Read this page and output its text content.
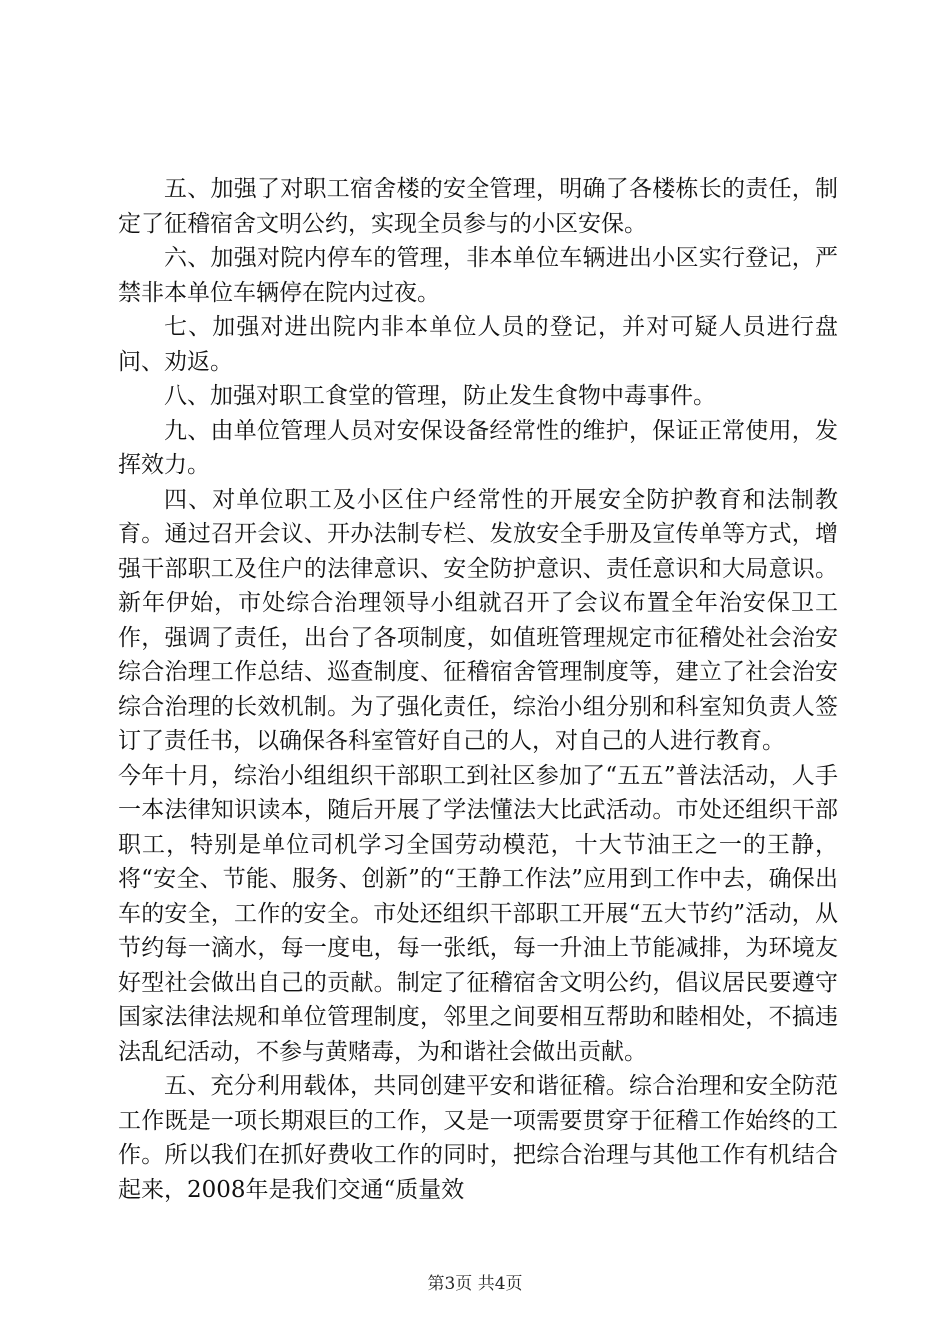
五、加强了对职工宿舍楼的安全管理，明确了各楼栋长的责任，制定了征稽宿舍文明公约，实现全员参与的小区安保。

六、加强对院内停车的管理，非本单位车辆进出小区实行登记，严禁非本单位车辆停在院内过夜。

七、加强对进出院内非本单位人员的登记，并对可疑人员进行盘问、劝返。

八、加强对职工食堂的管理，防止发生食物中毒事件。

九、由单位管理人员对安保设备经常性的维护，保证正常使用，发挥效力。

四、对单位职工及小区住户经常性的开展安全防护教育和法制教育。通过召开会议、开办法制专栏、发放安全手册及宣传单等方式，增强干部职工及住户的法律意识、安全防护意识、责任意识和大局意识。新年伊始，市处综合治理领导小组就召开了会议布置全年治安保卫工作，强调了责任，出台了各项制度，如值班管理规定市征稽处社会治安综合治理工作总结、巡查制度、征稽宿舍管理制度等，建立了社会治安综合治理的长效机制。为了强化责任，综治小组分别和科室知负责人签订了责任书，以确保各科室管好自己的人，对自己的人进行教育。

今年十月，综治小组组织干部职工到社区参加了“五五”普法活动，人手一本法律知识读本，随后开展了学法懂法大比武活动。市处还组织干部职工，特别是单位司机学习全国劳动模范，十大节油王之一的王静，将“安全、节能、服务、创新”的“王静工作法”应用到工作中去，确保出车的安全，工作的安全。市处还组织干部职工开展“五大节约”活动，从节约每一滴水，每一度电，每一张纸，每一升油上节能减排，为环境友好型社会做出自己的贡献。制定了征稽宿舍文明公约，倡议居民要遵守国家法律法规和单位管理制度，邻里之间要相互帮助和睦相处，不搞违法乱纪活动，不参与黄赌毒，为和谐社会做出贡献。

五、充分利用载体，共同创建平安和谐征稽。综合治理和安全防范工作既是一项长期艰巨的工作，又是一项需要贯穿于征稽工作始终的工作。所以我们在抓好费收工作的同时，把综合治理与其他工作有机结合起来，2008年是我们交通“质量效

第3页 共4页
